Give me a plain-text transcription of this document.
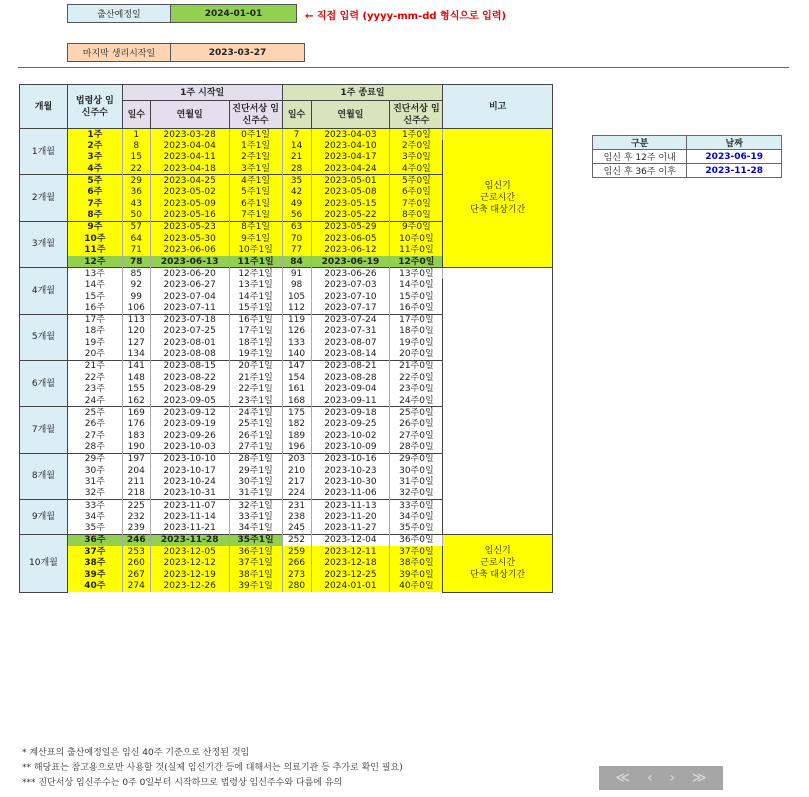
출산예정일	2024-01-01	← 직접 입력 (yyyy-mm-dd 형식으로 입력)
마지막 생리시작일	2023-03-27
개월	법령상 임신주수	1주 시작일			1주 종료일			비고
		일수	연월일	진단서상 임신주수	일수	연월일	진단서상 임신주수	
1개월	1주	1	2023-03-28	0주1일	7	2023-04-03	1주0일	임신기
근로시간
단축 대상기간
	2주	8	2023-04-04	1주1일	14	2023-04-10	2주0일	
	3주	15	2023-04-11	2주1일	21	2023-04-17	3주0일	
	4주	22	2023-04-18	3주1일	28	2023-04-24	4주0일	
2개월	5주	29	2023-04-25	4주1일	35	2023-05-01	5주0일	
	6주	36	2023-05-02	5주1일	42	2023-05-08	6주0일	
	7주	43	2023-05-09	6주1일	49	2023-05-15	7주0일	
	8주	50	2023-05-16	7주1일	56	2023-05-22	8주0일	
3개월	9주	57	2023-05-23	8주1일	63	2023-05-29	9주0일	
	10주	64	2023-05-30	9주1일	70	2023-06-05	10주0일	
	11주	71	2023-06-06	10주1일	77	2023-06-12	11주0일	
	12주	78	2023-06-13	11주1일	84	2023-06-19	12주0일	
4개월	13주	85	2023-06-20	12주1일	91	2023-06-26	13주0일	
	14주	92	2023-06-27	13주1일	98	2023-07-03	14주0일	
	15주	99	2023-07-04	14주1일	105	2023-07-10	15주0일	
	16주	106	2023-07-11	15주1일	112	2023-07-17	16주0일	
5개월	17주	113	2023-07-18	16주1일	119	2023-07-24	17주0일	
	18주	120	2023-07-25	17주1일	126	2023-07-31	18주0일	
	19주	127	2023-08-01	18주1일	133	2023-08-07	19주0일	
	20주	134	2023-08-08	19주1일	140	2023-08-14	20주0일	
6개월	21주	141	2023-08-15	20주1일	147	2023-08-21	21주0일	
	22주	148	2023-08-22	21주1일	154	2023-08-28	22주0일	
	23주	155	2023-08-29	22주1일	161	2023-09-04	23주0일	
	24주	162	2023-09-05	23주1일	168	2023-09-11	24주0일	
7개월	25주	169	2023-09-12	24주1일	175	2023-09-18	25주0일	
	26주	176	2023-09-19	25주1일	182	2023-09-25	26주0일	
	27주	183	2023-09-26	26주1일	189	2023-10-02	27주0일	
	28주	190	2023-10-03	27주1일	196	2023-10-09	28주0일	
8개월	29주	197	2023-10-10	28주1일	203	2023-10-16	29주0일	
	30주	204	2023-10-17	29주1일	210	2023-10-23	30주0일	
	31주	211	2023-10-24	30주1일	217	2023-10-30	31주0일	
	32주	218	2023-10-31	31주1일	224	2023-11-06	32주0일	
9개월	33주	225	2023-11-07	32주1일	231	2023-11-13	33주0일	
	34주	232	2023-11-14	33주1일	238	2023-11-20	34주0일	
	35주	239	2023-11-21	34주1일	245	2023-11-27	35주0일	
10개월	36주	246	2023-11-28	35주1일	252	2023-12-04	36주0일	임신기
근로시간
단축 대상기간
	37주	253	2023-12-05	36주1일	259	2023-12-11	37주0일	
	38주	260	2023-12-12	37주1일	266	2023-12-18	38주0일	
	39주	267	2023-12-19	38주1일	273	2023-12-25	39주0일	
	40주	274	2023-12-26	39주1일	280	2024-01-01	40주0일	
구분	날짜
임신 후 12주 이내	2023-06-19
임신 후 36주 이후	2023-11-28
* 계산표의 출산예정일은 임신 40주 기준으로 산정된 것임
** 해당표는 참고용으로만 사용할 것(실제 임신기간 등에 대해서는 의료기관 등 추가로 확인 필요)
*** 진단서상 임신주수는 0주 0일부터 시작하므로 법령상 임신주수와 다름에 유의	≪ ‹ › ≫
